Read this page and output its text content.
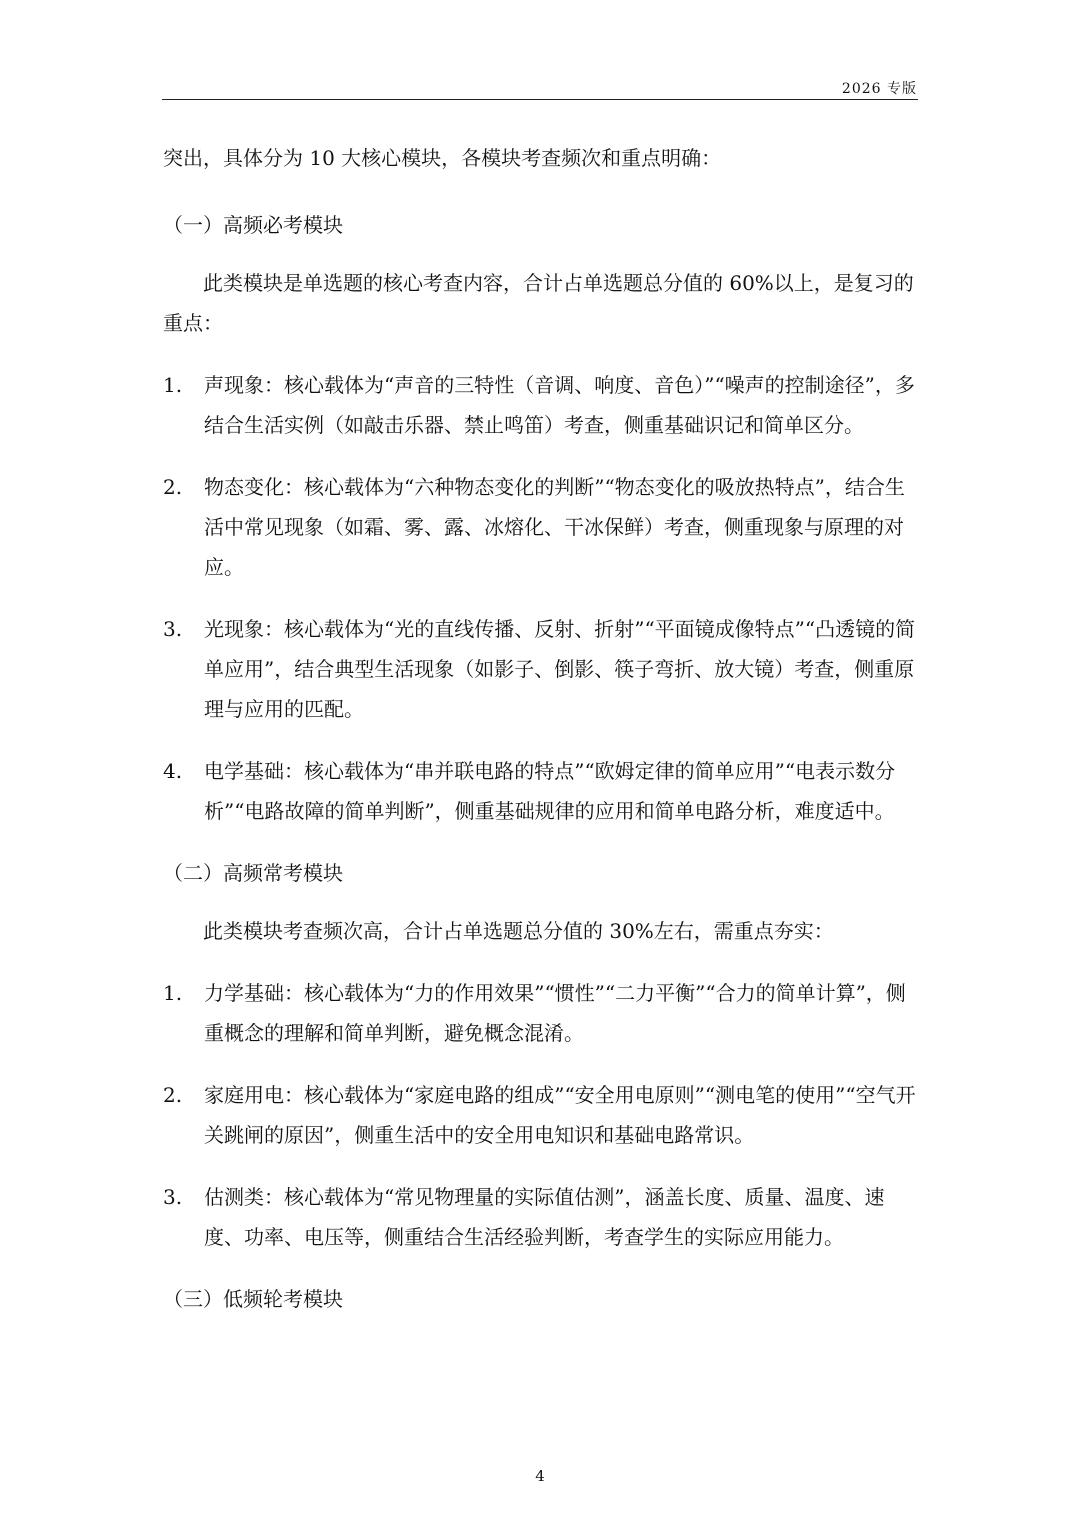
2026 专版

突出，具体分为 10 大核心模块，各模块考查频次和重点明确：

（一）高频必考模块

此类模块是单选题的核心考查内容，合计占单选题总分值的 60%以上，是复习的重点：

1. 声现象：核心载体为“声音的三特性（音调、响度、音色）”“噪声的控制途径”，多结合生活实例（如敲击乐器、禁止鸣笛）考查，侧重基础识记和简单区分。
2. 物态变化：核心载体为“六种物态变化的判断”“物态变化的吸放热特点”，结合生活中常见现象（如霜、雾、露、冰熔化、干冰保鲜）考查，侧重现象与原理的对应。
3. 光现象：核心载体为“光的直线传播、反射、折射”“平面镜成像特点”“凸透镜的简单应用”，结合典型生活现象（如影子、倒影、筷子弯折、放大镜）考查，侧重原理与应用的匹配。
4. 电学基础：核心载体为“串并联电路的特点”“欧姆定律的简单应用”“电表示数分析”“电路故障的简单判断”，侧重基础规律的应用和简单电路分析，难度适中。

（二）高频常考模块

此类模块考查频次高，合计占单选题总分值的 30%左右，需重点夯实：

1. 力学基础：核心载体为“力的作用效果”“惯性”“二力平衡”“合力的简单计算”，侧重概念的理解和简单判断，避免概念混淆。
2. 家庭用电：核心载体为“家庭电路的组成”“安全用电原则”“测电笔的使用”“空气开关跳闸的原因”，侧重生活中的安全用电知识和基础电路常识。
3. 估测类：核心载体为“常见物理量的实际值估测”，涵盖长度、质量、温度、速度、功率、电压等，侧重结合生活经验判断，考查学生的实际应用能力。

（三）低频轮考模块

4
